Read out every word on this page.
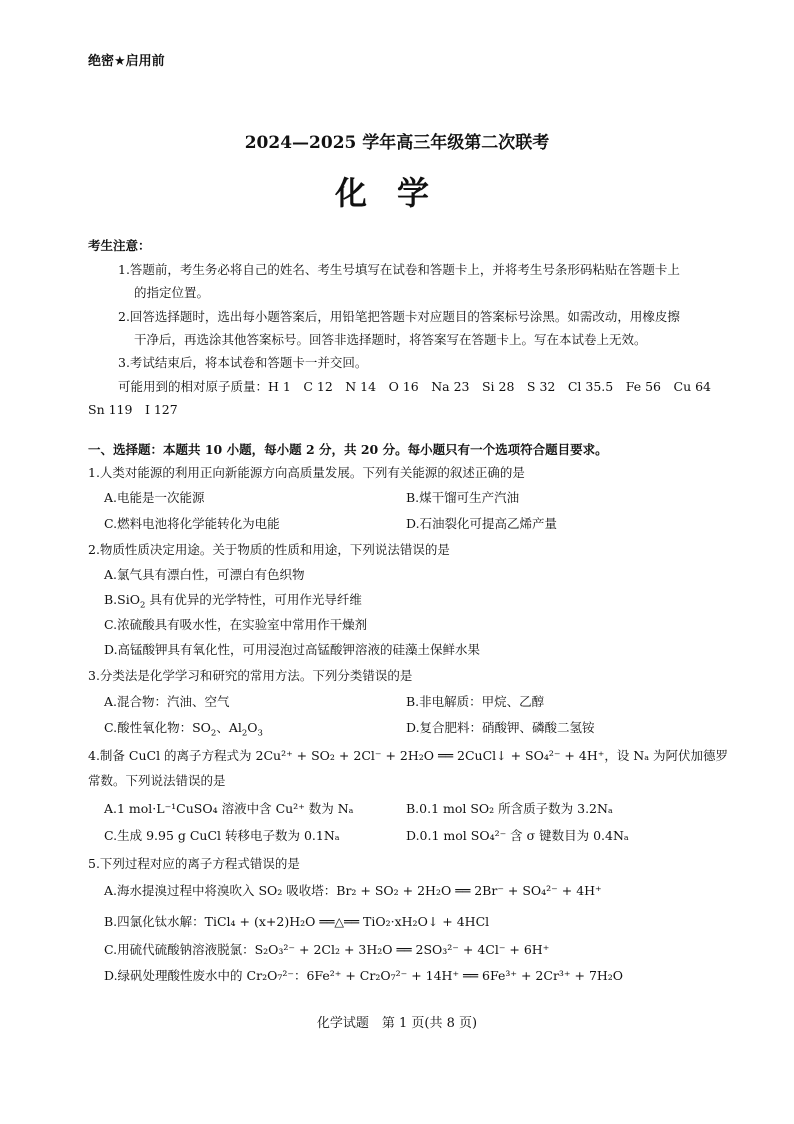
绝密★启用前
2024—2025 学年高三年级第二次联考
化学
考生注意：
1.答题前，考生务必将自己的姓名、考生号填写在试卷和答题卡上，并将考生号条形码粘贴在答题卡上
的指定位置。
2.回答选择题时，选出每小题答案后，用铅笔把答题卡对应题目的答案标号涂黑。如需改动，用橡皮擦
干净后，再选涂其他答案标号。回答非选择题时，将答案写在答题卡上。写在本试卷上无效。
3.考试结束后，将本试卷和答题卡一并交回。
可能用到的相对原子质量：H 1　C 12　N 14　O 16　Na 23　Si 28　S 32　Cl 35.5　Fe 56　Cu 64
Sn 119　I 127
一、选择题：本题共 10 小题，每小题 2 分，共 20 分。每小题只有一个选项符合题目要求。
1.人类对能源的利用正向新能源方向高质量发展。下列有关能源的叙述正确的是
A.电能是一次能源	B.煤干馏可生产汽油
C.燃料电池将化学能转化为电能	D.石油裂化可提高乙烯产量
2.物质性质决定用途。关于物质的性质和用途，下列说法错误的是
A.氯气具有漂白性，可漂白有色织物
B.SiO$_2$ 具有优异的光学特性，可用作光导纤维
C.浓硫酸具有吸水性，在实验室中常用作干燥剂
D.高锰酸钾具有氧化性，可用浸泡过高锰酸钾溶液的硅藻土保鲜水果
3.分类法是化学学习和研究的常用方法。下列分类错误的是
A.混合物：汽油、空气	B.非电解质：甲烷、乙醇
C.酸性氧化物：$SO_2$、$Al_2O_3$	D.复合肥料：硝酸钾、磷酸二氢铵
4.制备 CuCl 的离子方程式为 2Cu²⁺ + SO₂ + 2Cl⁻ + 2H₂O ══ 2CuCl↓ + SO₄²⁻ + 4H⁺，设 Nₐ 为阿伏加德罗
常数。下列说法错误的是
A.1 mol·L⁻¹CuSO₄ 溶液中含 Cu²⁺ 数为 Nₐ	B.0.1 mol SO₂ 所含质子数为 3.2Nₐ
C.生成 9.95 g CuCl 转移电子数为 0.1Nₐ	D.0.1 mol SO₄²⁻ 含 σ 键数目为 0.4Nₐ
5.下列过程对应的离子方程式错误的是
A.海水提溴过程中将溴吹入 SO₂ 吸收塔：Br₂ + SO₂ + 2H₂O ══ 2Br⁻ + SO₄²⁻ + 4H⁺
B.四氯化钛水解：TiCl₄ + (x+2)H₂O ══△══ TiO₂·xH₂O↓ + 4HCl
C.用硫代硫酸钠溶液脱氯：S₂O₃²⁻ + 2Cl₂ + 3H₂O ══ 2SO₃²⁻ + 4Cl⁻ + 6H⁺
D.绿矾处理酸性废水中的 Cr₂O₇²⁻：6Fe²⁺ + Cr₂O₇²⁻ + 14H⁺ ══ 6Fe³⁺ + 2Cr³⁺ + 7H₂O
化学试题　第 1 页(共 8 页)
